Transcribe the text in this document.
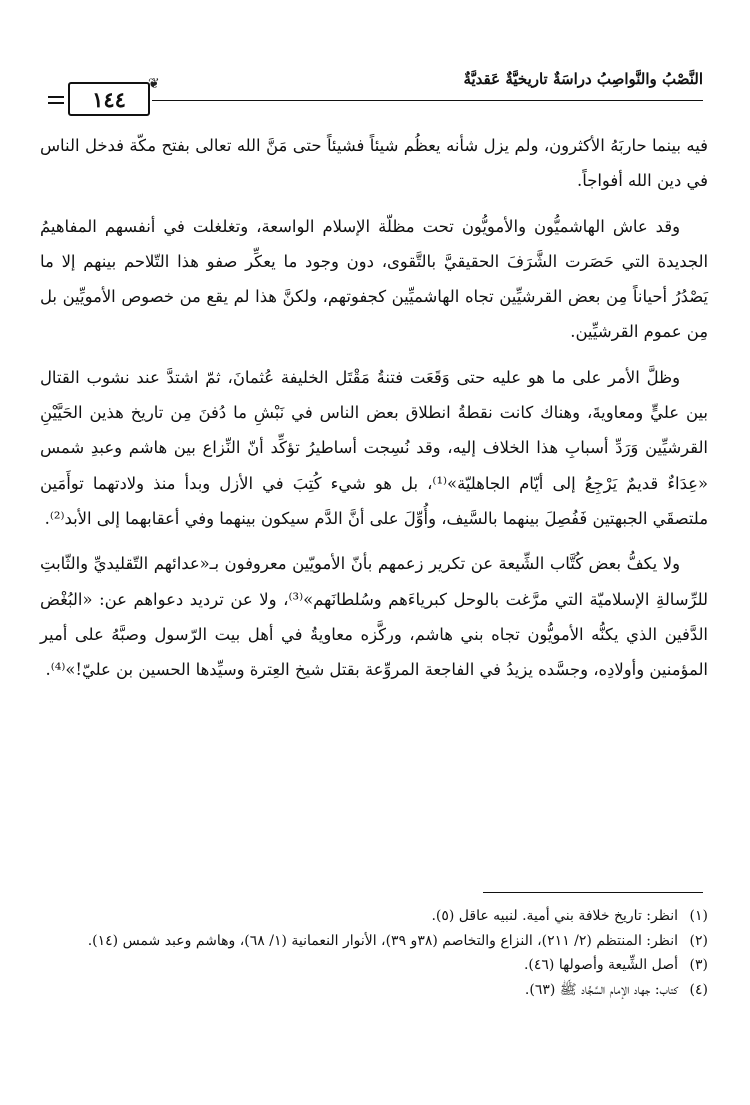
النَّصْبُ والنَّواصِبُ دراسَةٌ تاريخيَّةٌ عَقديَّةٌ
❦
١٤٤

فيه بينما حاربَهُ الأكثرون، ولم يزل شأنه يعظُم شيئاً فشيئاً حتى مَنَّ الله تعالى بفتح مكّة فدخل الناس في دين الله أفواجاً.

وقد عاش الهاشميُّون والأمويُّون تحت مظلّة الإسلام الواسعة، وتغلغلت في أنفسهم المفاهيمُ الجديدة التي حَصَرت الشَّرَفَ الحقيقيَّ بالتَّقوى، دون وجود ما يعكِّر صفو هذا التّلاحم بينهم إلا ما يَصْدُرُ أحياناً مِن بعض القرشيِّين تجاه الهاشميِّين كجفوتهم، ولكنَّ هذا لم يقع من خصوص الأمويِّين بل مِن عموم القرشيِّين.

وظلَّ الأمر على ما هو عليه حتى وَقَعَت فتنةُ مَقْتَل الخليفة عُثمانَ، ثمّ اشتدَّ عند نشوب القتال بين عليٍّ ومعاويةَ، وهناك كانت نقطةُ انطلاق بعض الناس في نَبْشِ ما دُفنَ مِن تاريخ هذين الحَيَّيْنِ القرشيِّين وَرَدِّ أسبابِ هذا الخلاف إليه، وقد نُسِجت أساطيرُ تؤكِّد أنّ النِّزاع بين هاشم وعبدِ شمس «عِدَاءٌ قديمٌ يَرْجِعُ إلى أيّام الجاهليّة»⁽¹⁾، بل هو شيء كُتِبَ في الأزل وبدأ منذ ولادتهما توأَمَين ملتصقَي الجبهتين فَفُصِلَ بينهما بالسَّيف، وأُوِّلَ على أنَّ الدَّم سيكون بينهما وفي أعقابهما إلى الأبد⁽²⁾.

ولا يكفُّ بعض كُتَّاب الشِّيعة عن تكرير زعمهم بأنّ الأمويّين معروفون بـ«عدائهم التّقليديِّ والثّابتِ للرِّسالةِ الإسلاميّة التي مرَّغت بالوحل كبرياءَهم وسُلطانَهم»⁽³⁾، ولا عن ترديد دعواهم عن: «البُغْض الدَّفين الذي يكنُّه الأمويُّون تجاه بني هاشم، وركَّزه معاويةُ في أهل بيت الرّسول وصبَّهُ على أمير المؤمنين وأولادِه، وجسَّده يزيدُ في الفاجعة المروِّعة بقتل شيخ العِترة وسيِّدها الحسين بن عليّ!»⁽⁴⁾.

(١)
انظر: تاريخ خلافة بني أمية. لنبيه عاقل (٥).
(٢)
انظر: المنتظم (٢/ ٢١١)، النزاع والتخاصم (٣٨و ٣٩)، الأنوار النعمانية (١/ ٦٨)، وهاشم وعبد شمس (١٤).
(٣)
أصل الشِّيعة وأصولها (٤٦).
(٤)
كتاب: جهاد الإمام السَّجَّاد ﷺ (٦٣).
